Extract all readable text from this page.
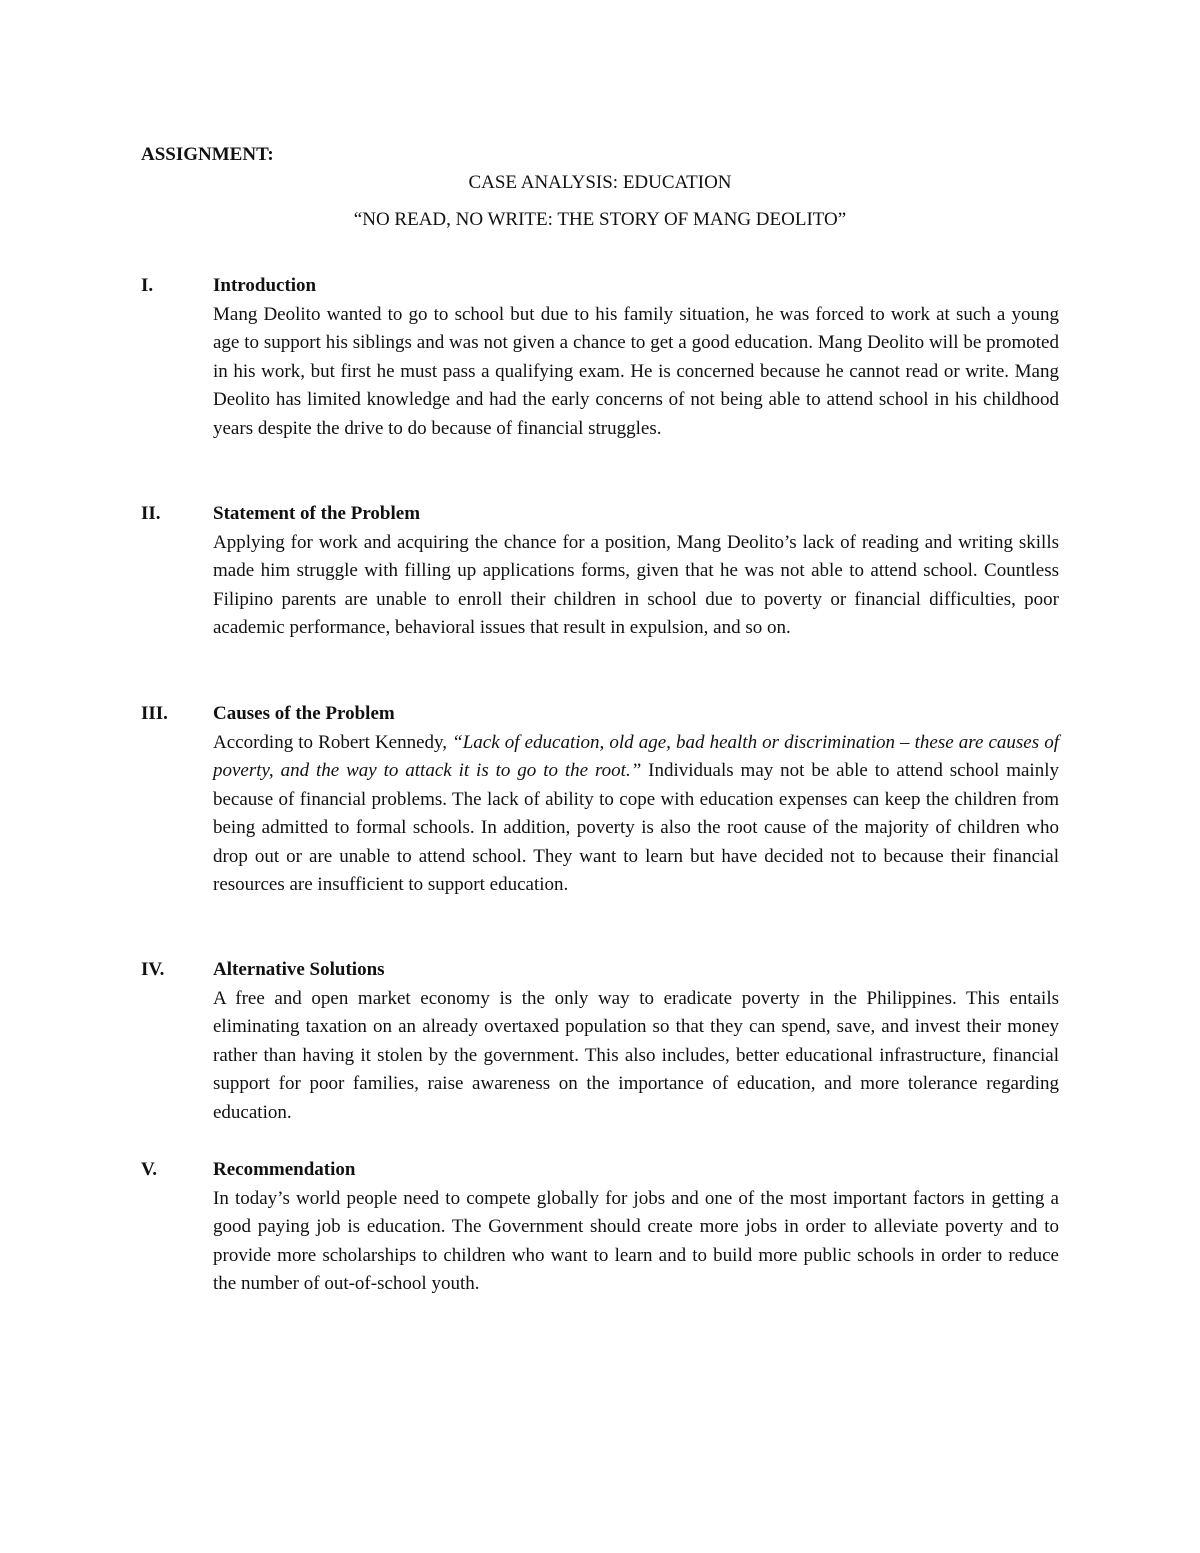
ASSIGNMENT:
CASE ANALYSIS: EDUCATION
“NO READ, NO WRITE: THE STORY OF MANG DEOLITO”
I.	Introduction
Mang Deolito wanted to go to school but due to his family situation, he was forced to work at such a young age to support his siblings and was not given a chance to get a good education. Mang Deolito will be promoted in his work, but first he must pass a qualifying exam. He is concerned because he cannot read or write. Mang Deolito has limited knowledge and had the early concerns of not being able to attend school in his childhood years despite the drive to do because of financial struggles.
II.	Statement of the Problem
Applying for work and acquiring the chance for a position, Mang Deolito’s lack of reading and writing skills made him struggle with filling up applications forms, given that he was not able to attend school. Countless Filipino parents are unable to enroll their children in school due to poverty or financial difficulties, poor academic performance, behavioral issues that result in expulsion, and so on.
III. Causes of the Problem
According to Robert Kennedy, “Lack of education, old age, bad health or discrimination – these are causes of poverty, and the way to attack it is to go to the root.” Individuals may not be able to attend school mainly because of financial problems. The lack of ability to cope with education expenses can keep the children from being admitted to formal schools. In addition, poverty is also the root cause of the majority of children who drop out or are unable to attend school. They want to learn but have decided not to because their financial resources are insufficient to support education.
IV.	Alternative Solutions
A free and open market economy is the only way to eradicate poverty in the Philippines. This entails eliminating taxation on an already overtaxed population so that they can spend, save, and invest their money rather than having it stolen by the government. This also includes, better educational infrastructure, financial support for poor families, raise awareness on the importance of education, and more tolerance regarding education.
V.	Recommendation
In today’s world people need to compete globally for jobs and one of the most important factors in getting a good paying job is education. The Government should create more jobs in order to alleviate poverty and to provide more scholarships to children who want to learn and to build more public schools in order to reduce the number of out-of-school youth.
